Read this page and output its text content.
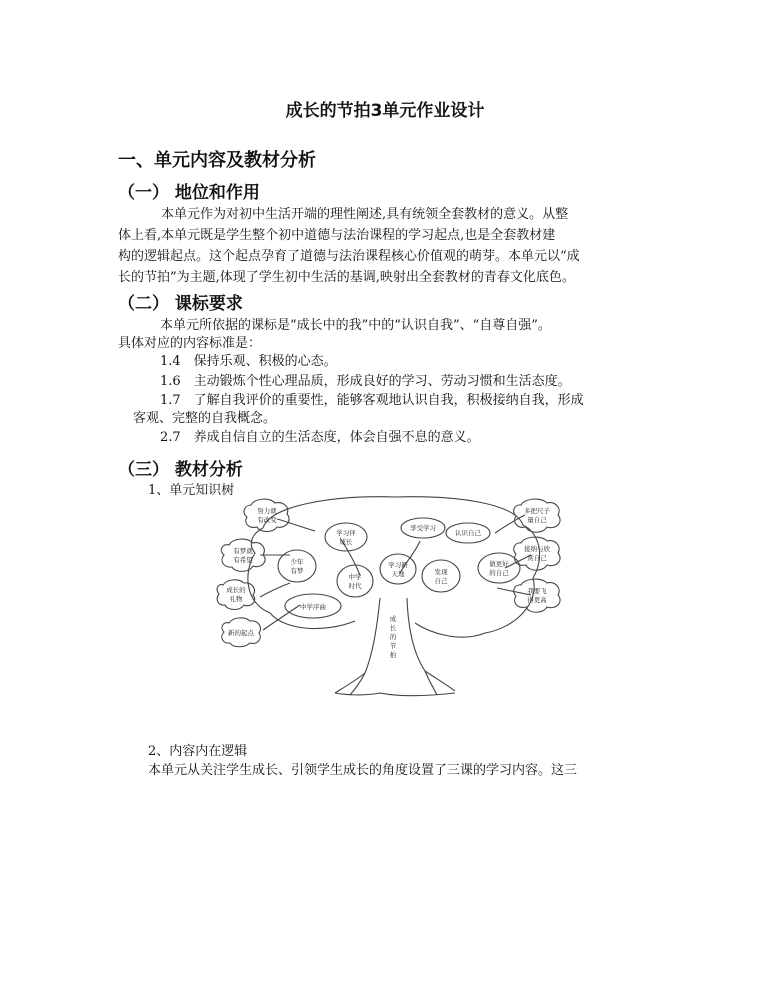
成长的节拍3单元作业设计
一、单元内容及教材分析
（一） 地位和作用
本单元作为对初中生活开端的理性阐述,具有统领全套教材的意义。从整
体上看,本单元既是学生整个初中道德与法治课程的学习起点,也是全套教材建
构的逻辑起点。这个起点孕育了道德与法治课程核心价值观的萌芽。本单元以“成
长的节拍”为主题,体现了学生初中生活的基调,映射出全套教材的青春文化底色。
（二） 课标要求
本单元所依据的课标是“成长中的我”中的“认识自我”、“自尊自强”。
具体对应的内容标准是：
1.4　保持乐观、积极的心态。
1.6　主动锻炼个性心理品质，形成良好的学习、劳动习惯和生活态度。
1.7　了解自我评价的重要性，能够客观地认识自我，积极接纳自我，形成
客观、完整的自我概念。
2.7　养成自信自立的生活态度，体会自强不息的意义。
（三） 教材分析
1、单元知识树
学习伴
成长
享受学习
认识自己
少年
有梦
中学
时代
学习新
天地	发现
自己
做更好
的自己
中学序曲
努力就
有改变
有梦就
有希望
成长的
礼物
新的起点
多把尺子
量自己
接纳与欣
赏自己
我要飞
得更高
成
长
的
节
拍
2、内容内在逻辑
本单元从关注学生成长、引领学生成长的角度设置了三课的学习内容。这三
